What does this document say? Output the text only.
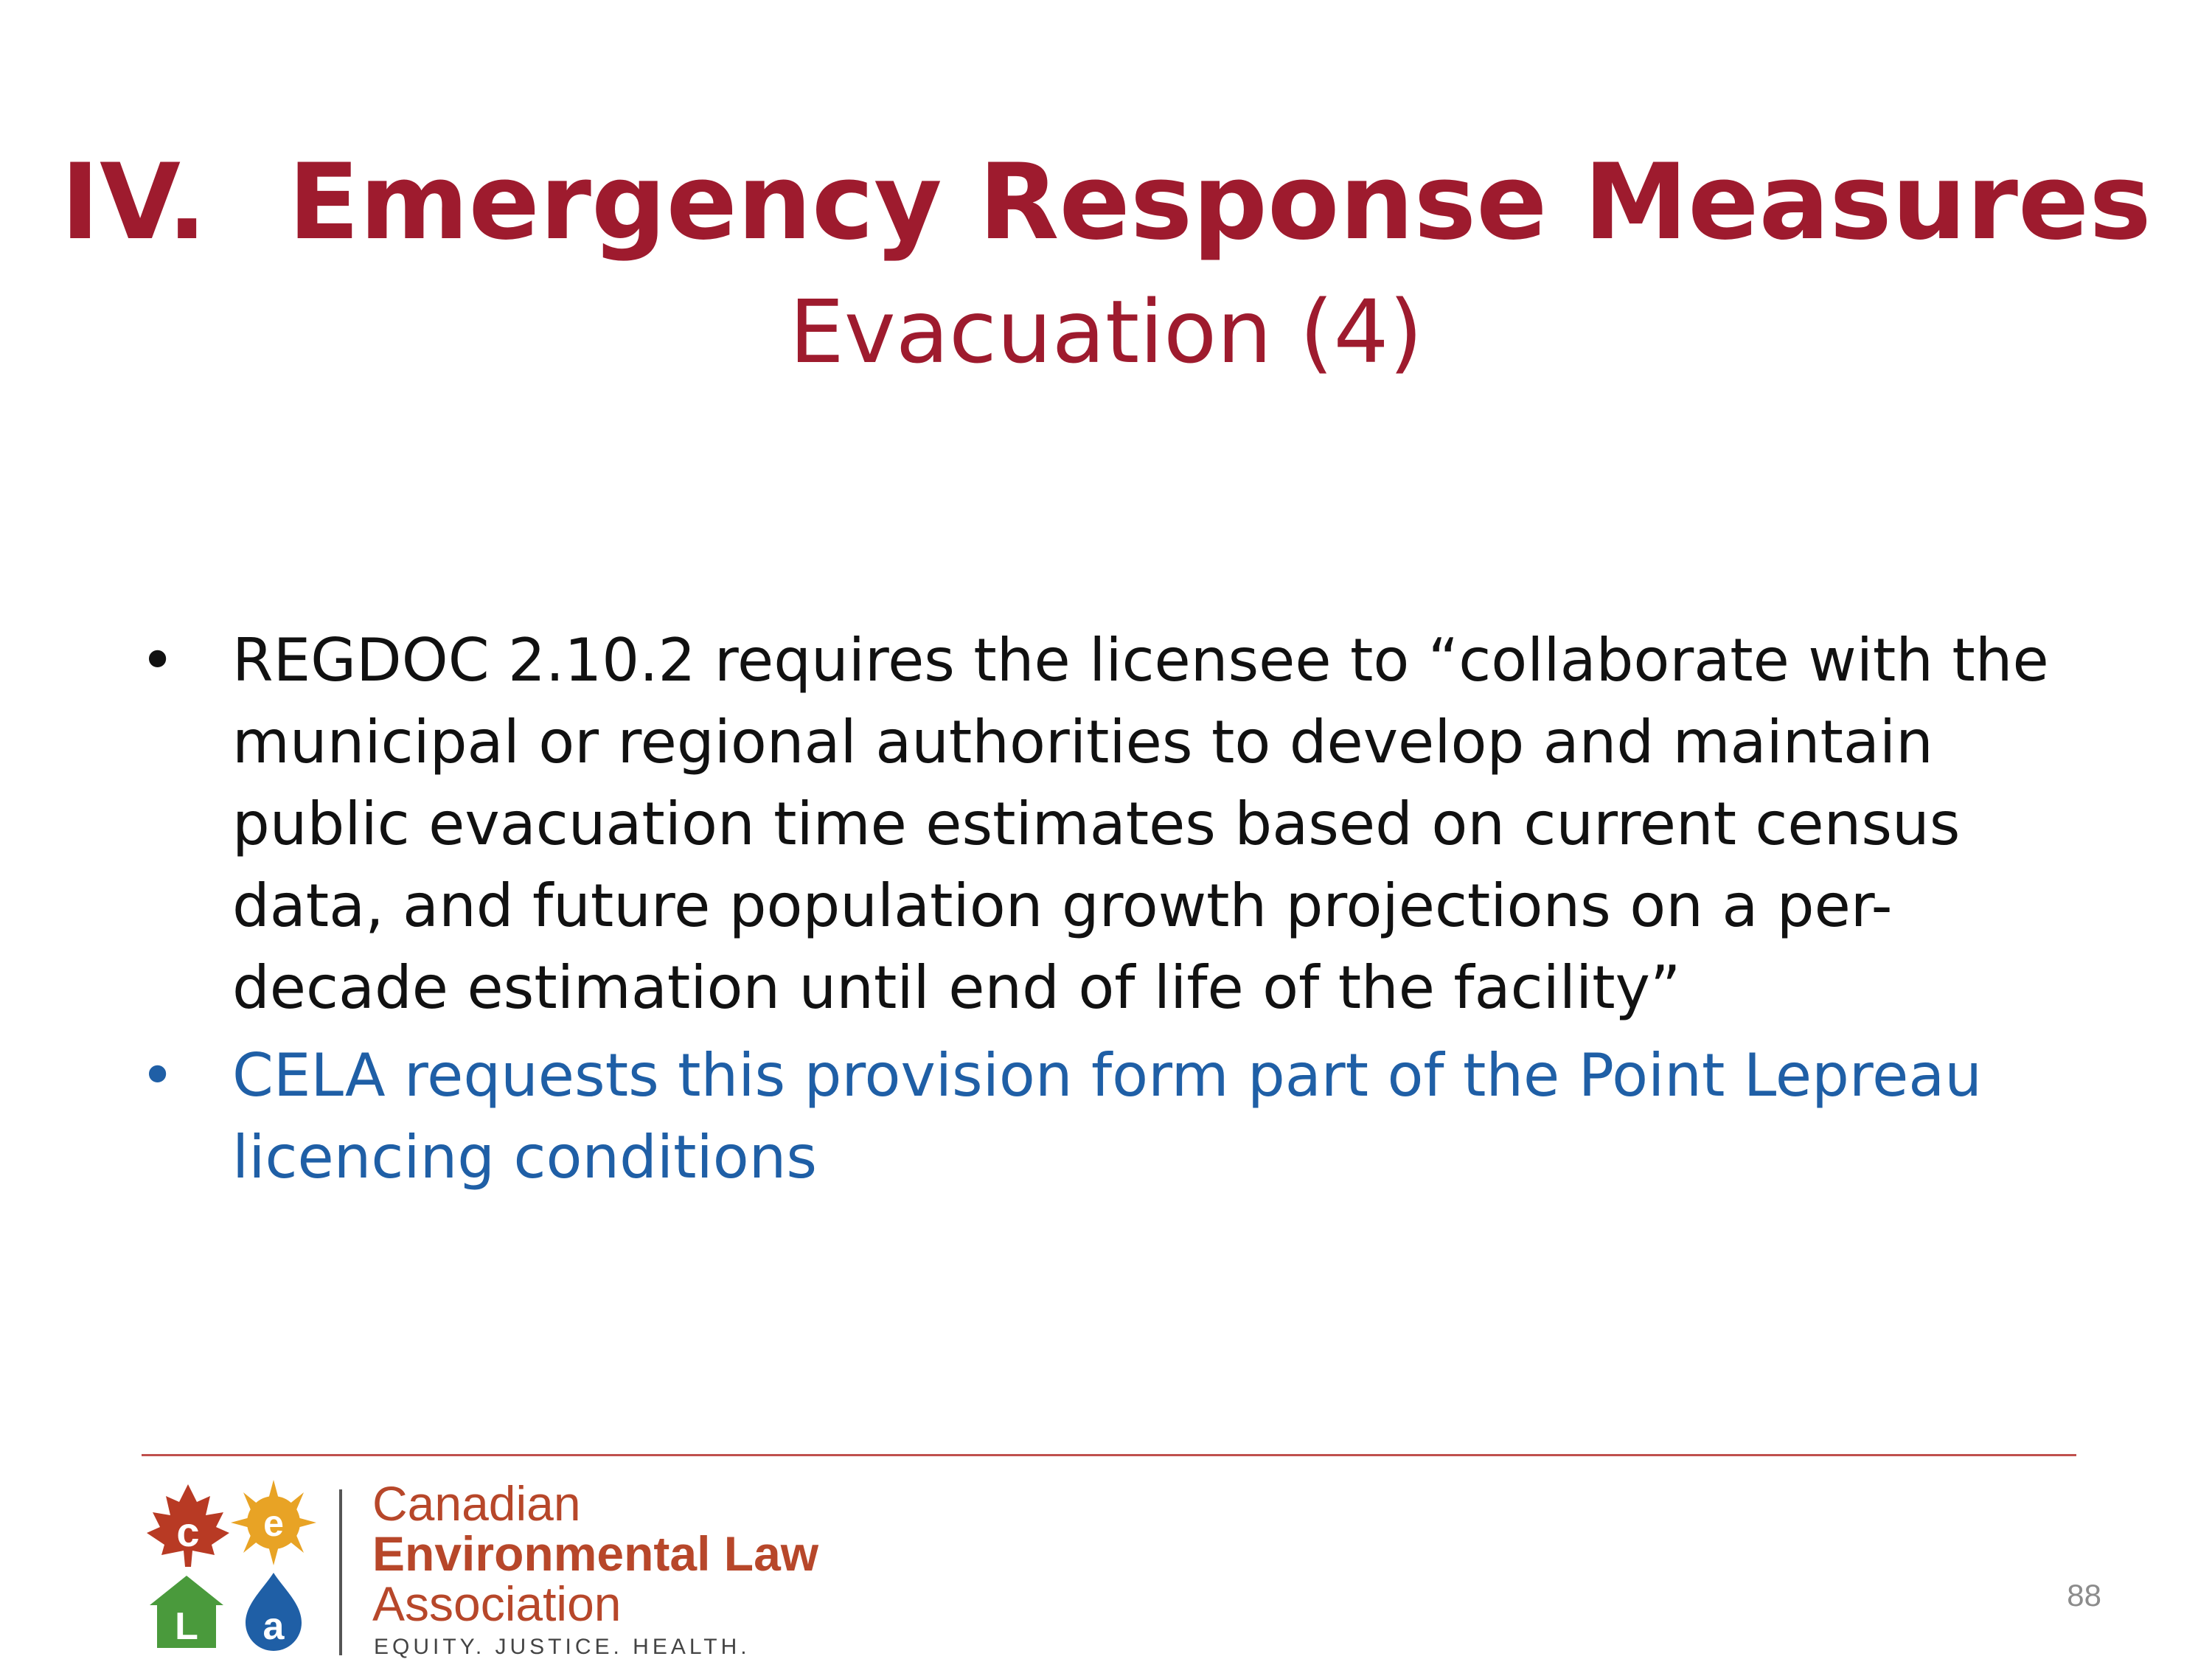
IV. Emergency Response Measures
Evacuation (4)
• REGDOC 2.10.2 requires the licensee to “collaborate with the municipal or regional authorities to develop and maintain public evacuation time estimates based on current census data, and future population growth projections on a per-decade estimation until end of life of the facility”
• CELA requests this provision form part of the Point Lepreau licencing conditions
c e
L a
Canadian
Environmental Law
Association
EQUITY. JUSTICE. HEALTH.
88
